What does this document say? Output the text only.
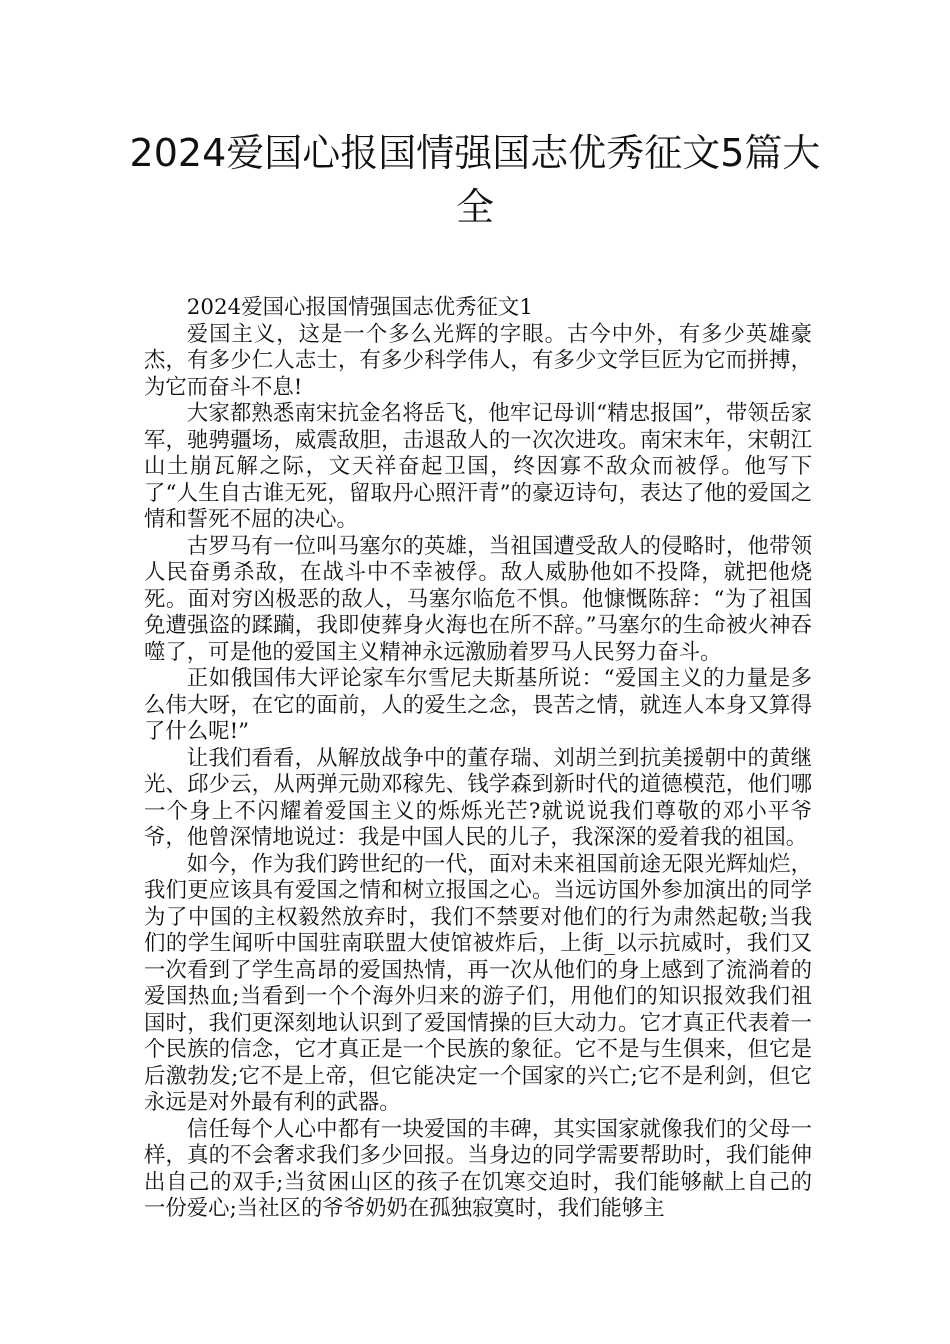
2024爱国心报国情强国志优秀征文5篇大全

2024爱国心报国情强国志优秀征文1

爱国主义，这是一个多么光辉的字眼。古今中外，有多少英雄豪杰，有多少仁人志士，有多少科学伟人，有多少文学巨匠为它而拼搏，为它而奋斗不息!

大家都熟悉南宋抗金名将岳飞，他牢记母训“精忠报国”，带领岳家军，驰骋疆场，威震敌胆，击退敌人的一次次进攻。南宋末年，宋朝江山土崩瓦解之际，文天祥奋起卫国，终因寡不敌众而被俘。他写下了“人生自古谁无死，留取丹心照汗青”的豪迈诗句，表达了他的爱国之情和誓死不屈的决心。

古罗马有一位叫马塞尔的英雄，当祖国遭受敌人的侵略时，他带领人民奋勇杀敌，在战斗中不幸被俘。敌人威胁他如不投降，就把他烧死。面对穷凶极恶的敌人，马塞尔临危不惧。他慷慨陈辞：“为了祖国免遭强盗的蹂躏，我即使葬身火海也在所不辞。”马塞尔的生命被火神吞噬了，可是他的爱国主义精神永远激励着罗马人民努力奋斗。

正如俄国伟大评论家车尔雪尼夫斯基所说：“爱国主义的力量是多么伟大呀，在它的面前，人的爱生之念，畏苦之情，就连人本身又算得了什么呢!”

让我们看看，从解放战争中的董存瑞、刘胡兰到抗美援朝中的黄继光、邱少云，从两弹元勋邓稼先、钱学森到新时代的道德模范，他们哪一个身上不闪耀着爱国主义的烁烁光芒?就说说我们尊敬的邓小平爷爷，他曾深情地说过：我是中国人民的儿子，我深深的爱着我的祖国。

如今，作为我们跨世纪的一代，面对未来祖国前途无限光辉灿烂，我们更应该具有爱国之情和树立报国之心。当远访国外参加演出的同学为了中国的主权毅然放弃时，我们不禁要对他们的行为肃然起敬;当我们的学生闻听中国驻南联盟大使馆被炸后，上街_以示抗威时，我们又一次看到了学生高昂的爱国热情，再一次从他们的身上感到了流淌着的爱国热血;当看到一个个海外归来的游子们，用他们的知识报效我们祖国时，我们更深刻地认识到了爱国情操的巨大动力。它才真正代表着一个民族的信念，它才真正是一个民族的象征。它不是与生俱来，但它是后激勃发;它不是上帝，但它能决定一个国家的兴亡;它不是利剑，但它永远是对外最有利的武器。

信任每个人心中都有一块爱国的丰碑，其实国家就像我们的父母一样，真的不会奢求我们多少回报。当身边的同学需要帮助时，我们能伸出自己的双手;当贫困山区的孩子在饥寒交迫时，我们能够献上自己的一份爱心;当社区的爷爷奶奶在孤独寂寞时，我们能够主
